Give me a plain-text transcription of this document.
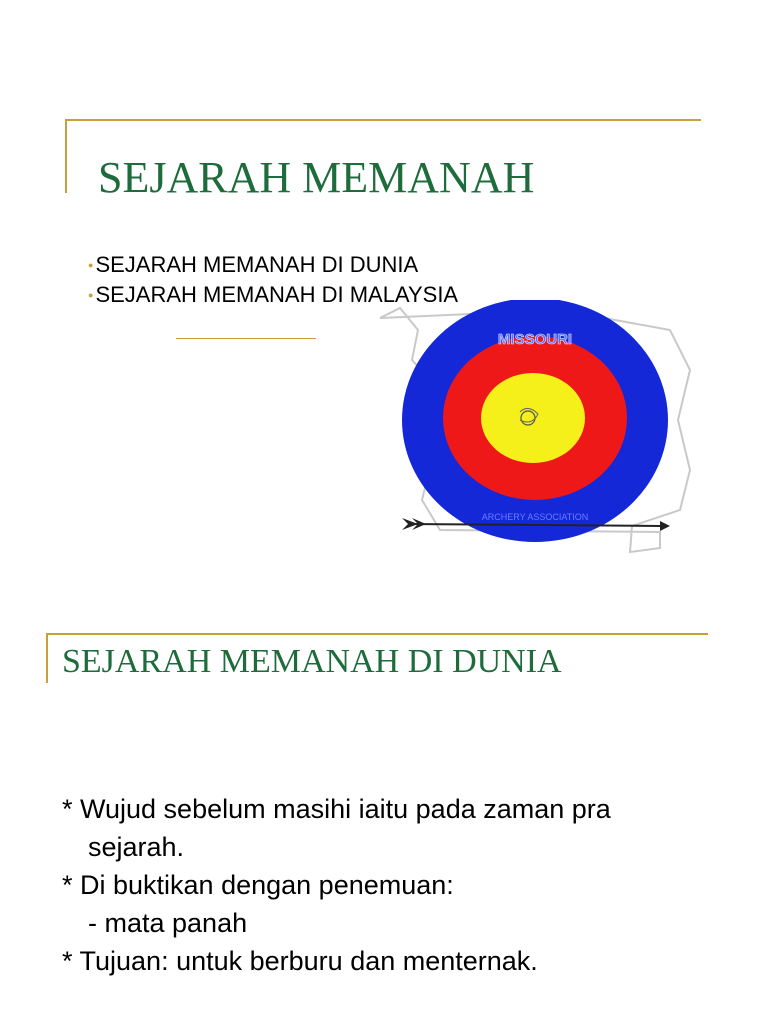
SEJARAH MEMANAH
●SEJARAH MEMANAH DI DUNIA
●SEJARAH MEMANAH DI MALAYSIA
MISSOURI
ARCHERY ASSOCIATION
SEJARAH MEMANAH DI DUNIA
* Wujud sebelum masihi iaitu pada zaman pra
sejarah.
* Di buktikan dengan penemuan:
- mata panah
* Tujuan: untuk berburu dan menternak.
